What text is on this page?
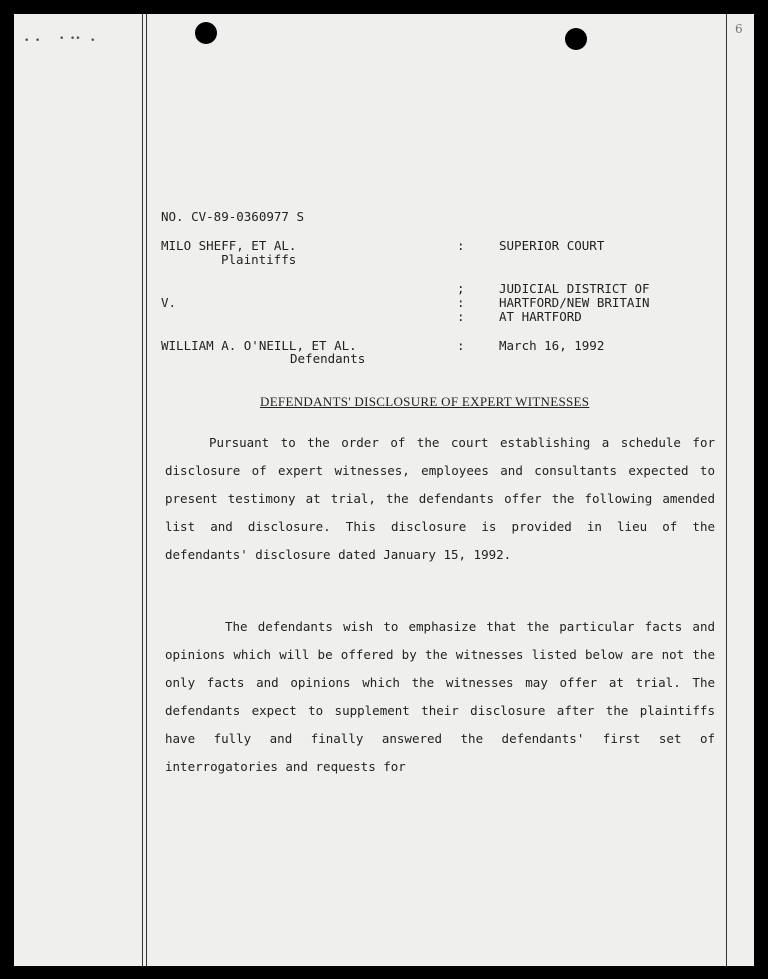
• • • •• •
6
NO. CV-89-0360977 S
MILO SHEFF, ET AL.
Plaintiffs
V.
WILLIAM A. O'NEILL, ET AL.
Defendants
:
;
:
:
:
SUPERIOR COURT
JUDICIAL DISTRICT OF
HARTFORD/NEW BRITAIN
AT HARTFORD
March 16, 1992
DEFENDANTS' DISCLOSURE OF EXPERT WITNESSES
Pursuant to the order of the court establishing a schedule for disclosure of expert witnesses, employees and consultants expected to present testimony at trial, the defendants offer the following amended list and disclosure. This disclosure is provided in lieu of the defendants' disclosure dated January 15, 1992.
The defendants wish to emphasize that the particular facts and opinions which will be offered by the witnesses listed below are not the only facts and opinions which the witnesses may offer at trial. The defendants expect to supplement their disclosure after the plaintiffs have fully and finally answered the defendants' first set of interrogatories and requests for
